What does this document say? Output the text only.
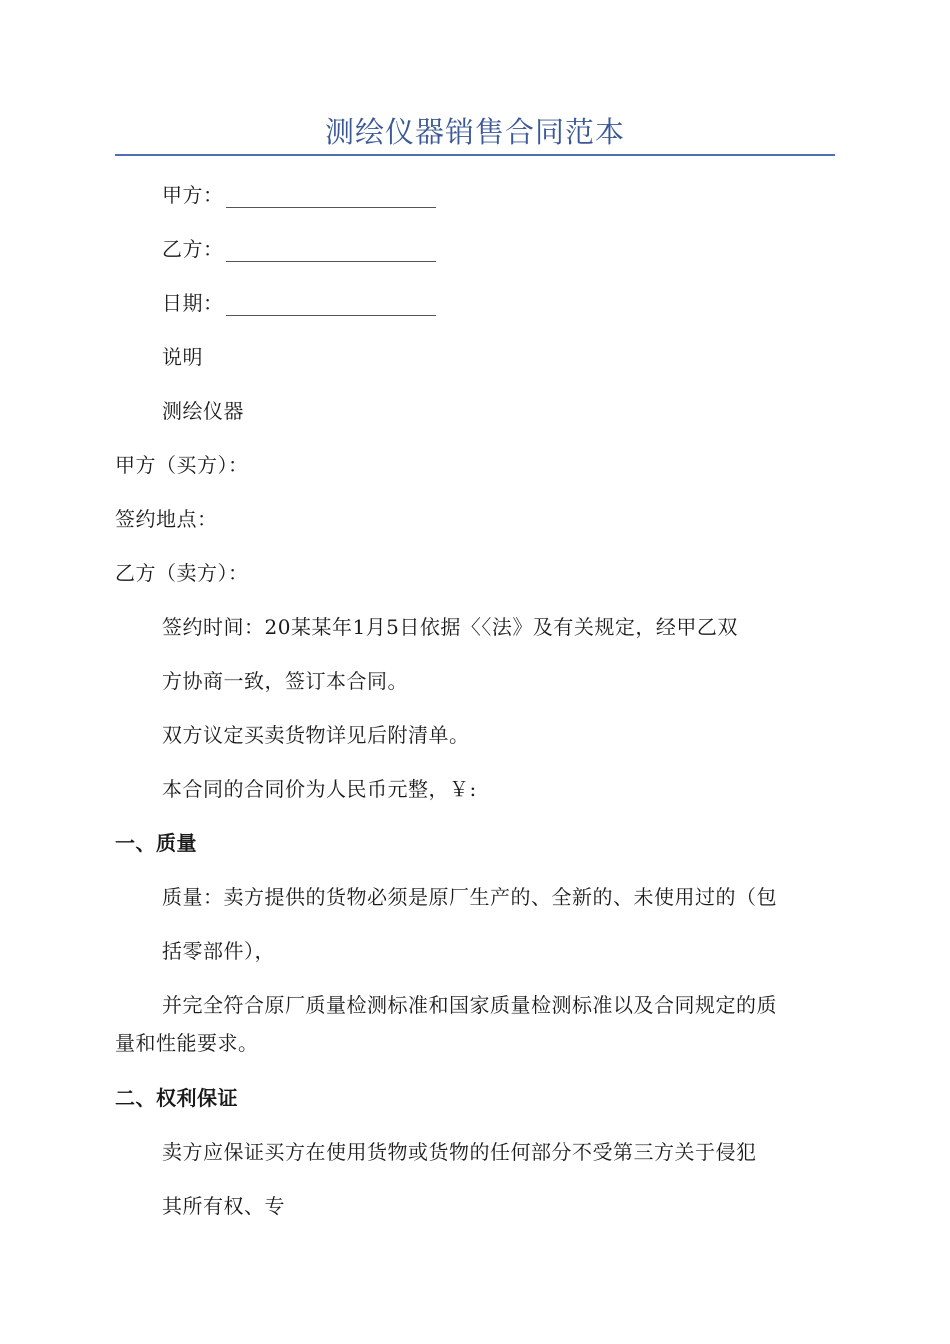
测绘仪器销售合同范本
甲方：
乙方：
日期：
说明
测绘仪器
甲方（买方）：
签约地点：
乙方（卖方）：
签约时间：20某某年1月5日依据〈〈法》及有关规定，经甲乙双
方协商一致，签订本合同。
双方议定买卖货物详见后附清单。
本合同的合同价为人民币元整，￥:
一、质量
质量：卖方提供的货物必须是原厂生产的、全新的、未使用过的（包
括零部件），
并完全符合原厂质量检测标准和国家质量检测标准以及合同规定的质
量和性能要求。
二、权利保证
卖方应保证买方在使用货物或货物的任何部分不受第三方关于侵犯
其所有权、专
